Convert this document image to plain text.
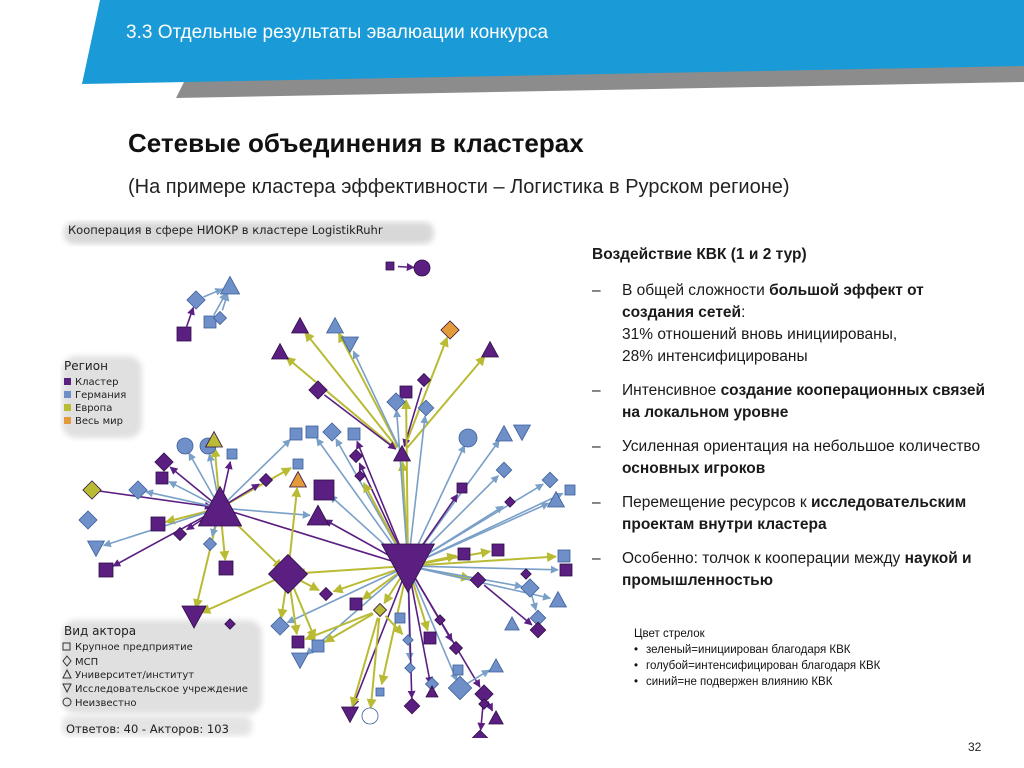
3.3 Отдельные результаты эвалюации конкурса
Сетевые объединения в кластерах
(На примере кластера эффективности – Логистика в Рурском регионе)
Кооперация в сфере НИОКР в кластере LogistikRuhr
Регион
Кластер
Германия
Европа
Весь мир
Вид актора
Крупное предприятие
МСП
Университет/институт
Исследовательское учреждение
Неизвестно
Ответов: 40 - Акторов: 103
Воздействие КВК (1 и 2 тур)
– В общей сложности большой эффект от создания сетей:
31% отношений вновь инициированы,
28% интенсифицированы
– Интенсивное создание кооперационных связей на локальном уровне
– Усиленная ориентация на небольшое количество основных игроков
– Перемещение ресурсов к исследовательским проектам внутри кластера
– Особенно: толчок к кооперации между наукой и промышленностью
Цвет стрелок
• зеленый=инициирован благодаря КВК
• голубой=интенсифицирован благодаря КВК
• синий=не подвержен влиянию КВК
32
